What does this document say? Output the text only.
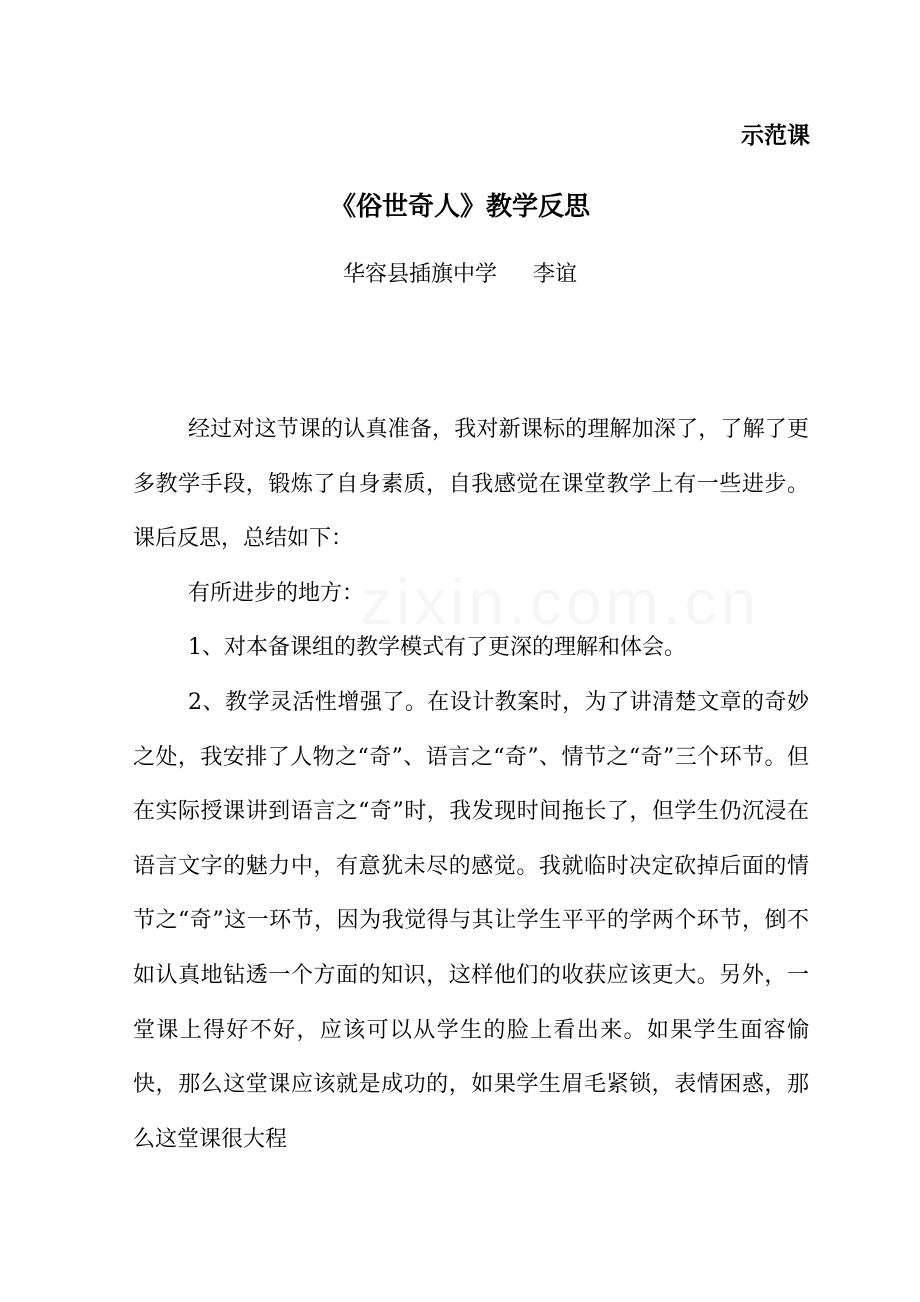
示范课
《俗世奇人》教学反思
华容县插旗中学 李谊

经过对这节课的认真准备，我对新课标的理解加深了，了解了更多教学手段，锻炼了自身素质，自我感觉在课堂教学上有一些进步。课后反思，总结如下：

有所进步的地方：

1、对本备课组的教学模式有了更深的理解和体会。

2、教学灵活性增强了。在设计教案时，为了讲清楚文章的奇妙之处，我安排了人物之“奇”、语言之“奇”、情节之“奇”三个环节。但在实际授课讲到语言之“奇”时，我发现时间拖长了，但学生仍沉浸在语言文字的魅力中，有意犹未尽的感觉。我就临时决定砍掉后面的情节之“奇”这一环节，因为我觉得与其让学生平平的学两个环节，倒不如认真地钻透一个方面的知识，这样他们的收获应该更大。另外，一堂课上得好不好，应该可以从学生的脸上看出来。如果学生面容愉快，那么这堂课应该就是成功的，如果学生眉毛紧锁，表情困惑，那么这堂课很大程
